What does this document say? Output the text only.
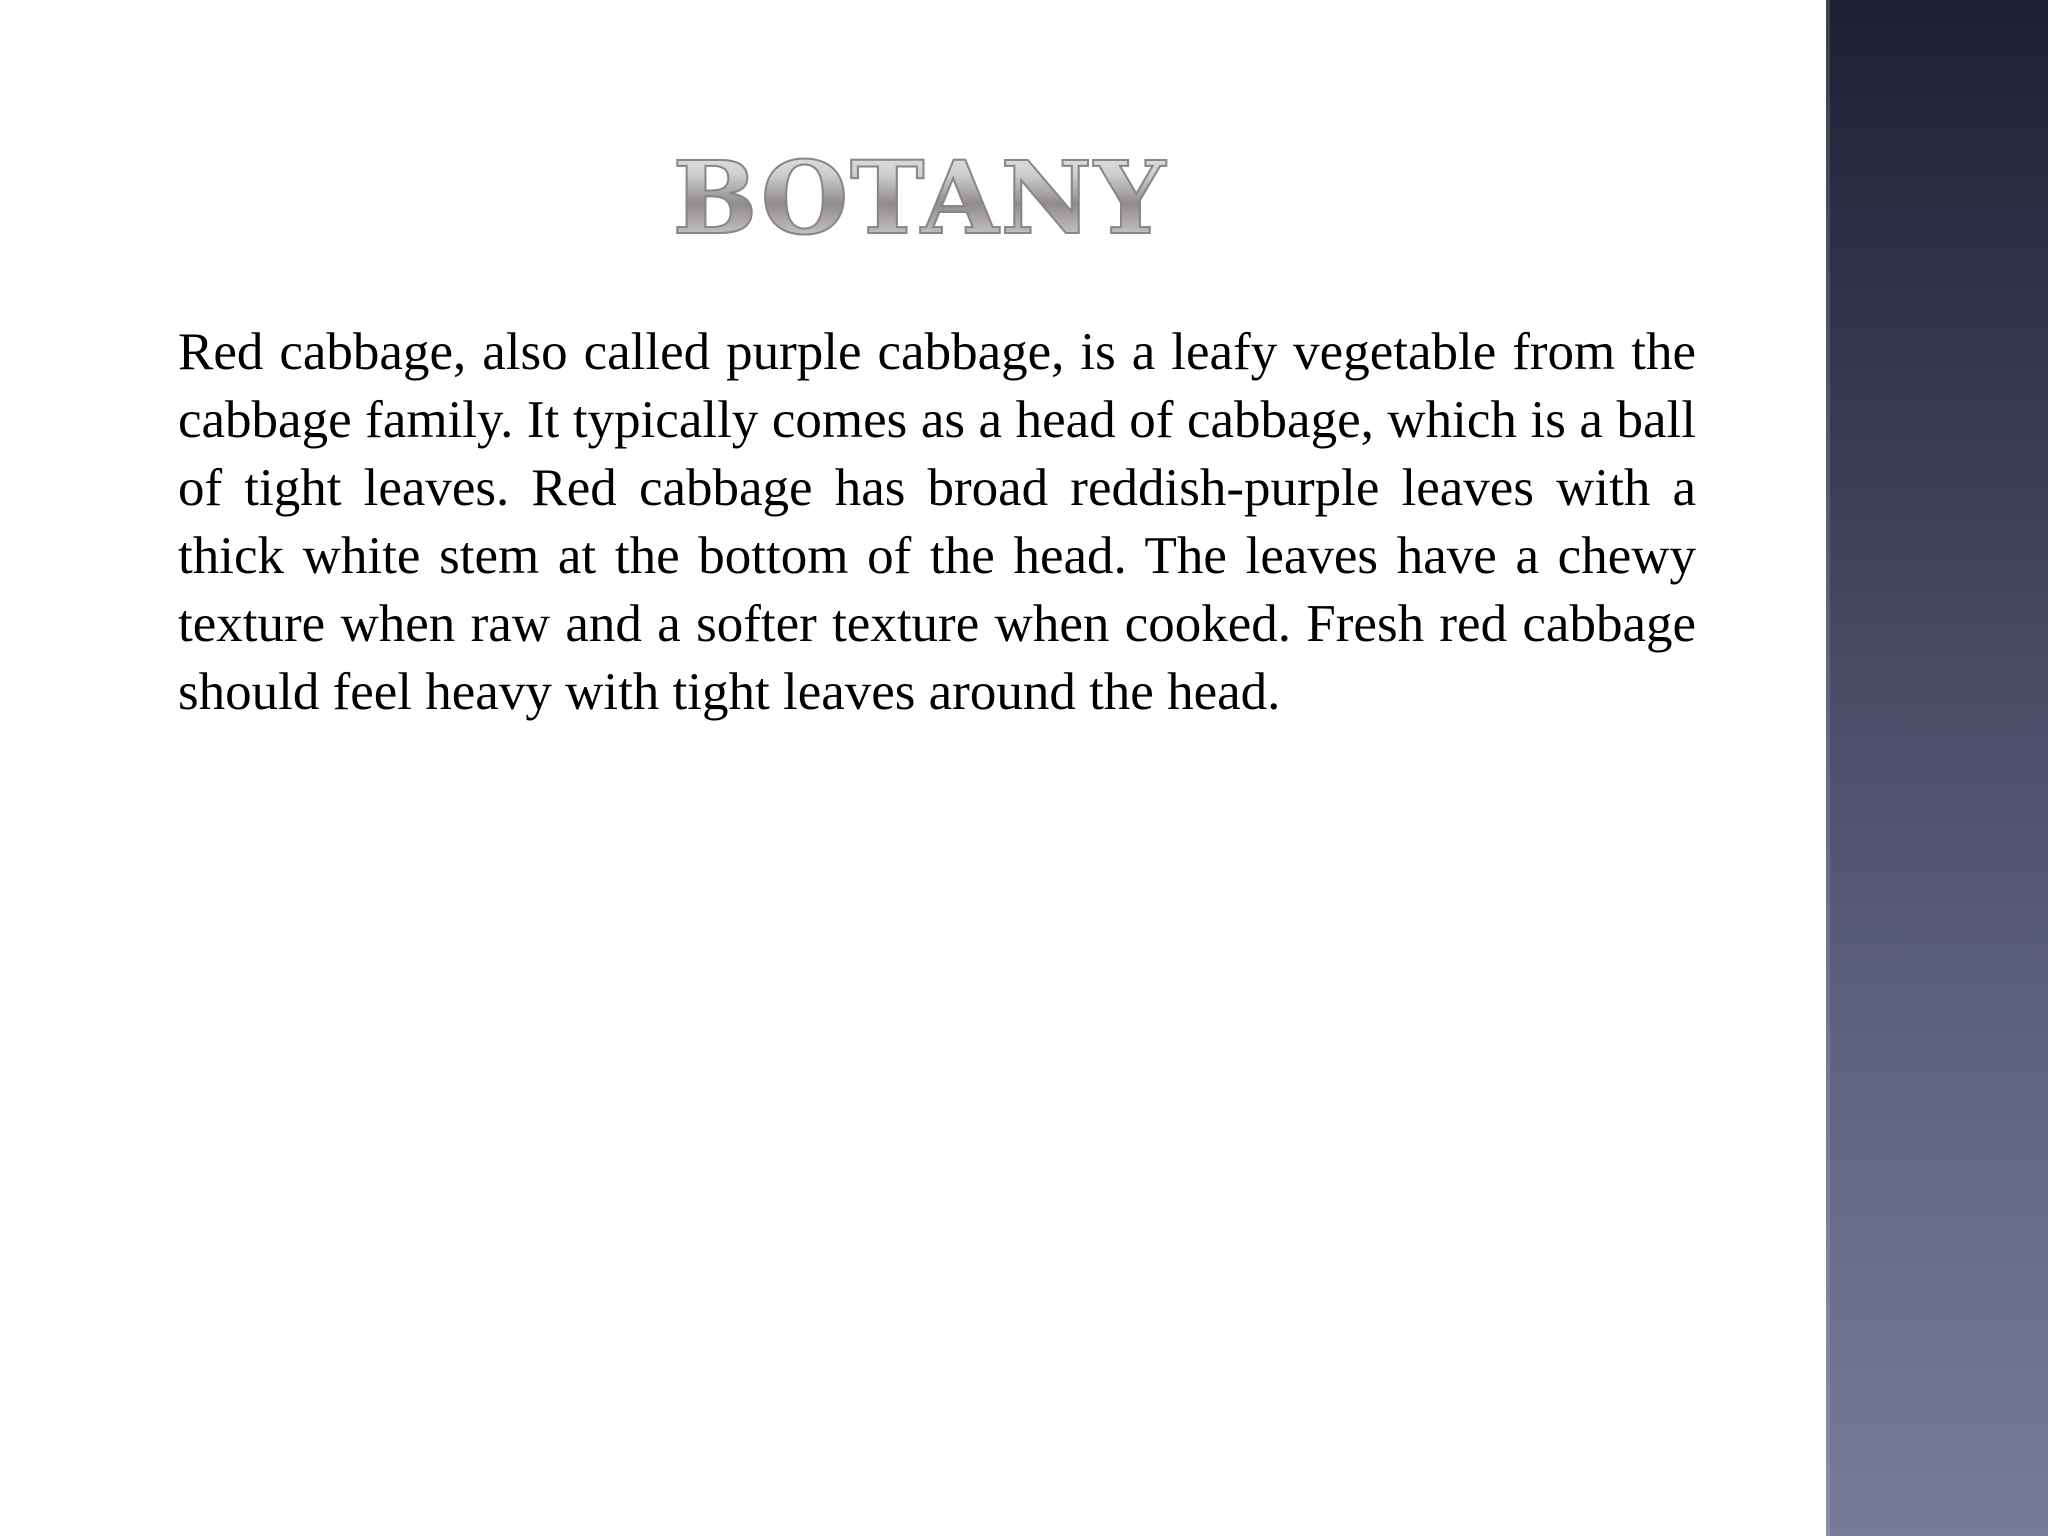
BOTANY

Red cabbage, also called purple cabbage, is a leafy vegetable from the cabbage family. It typically comes as a head of cabbage, which is a ball of tight leaves. Red cabbage has broad reddish-purple leaves with a thick white stem at the bottom of the head. The leaves have a chewy texture when raw and a softer texture when cooked. Fresh red cabbage should feel heavy with tight leaves around the head.
